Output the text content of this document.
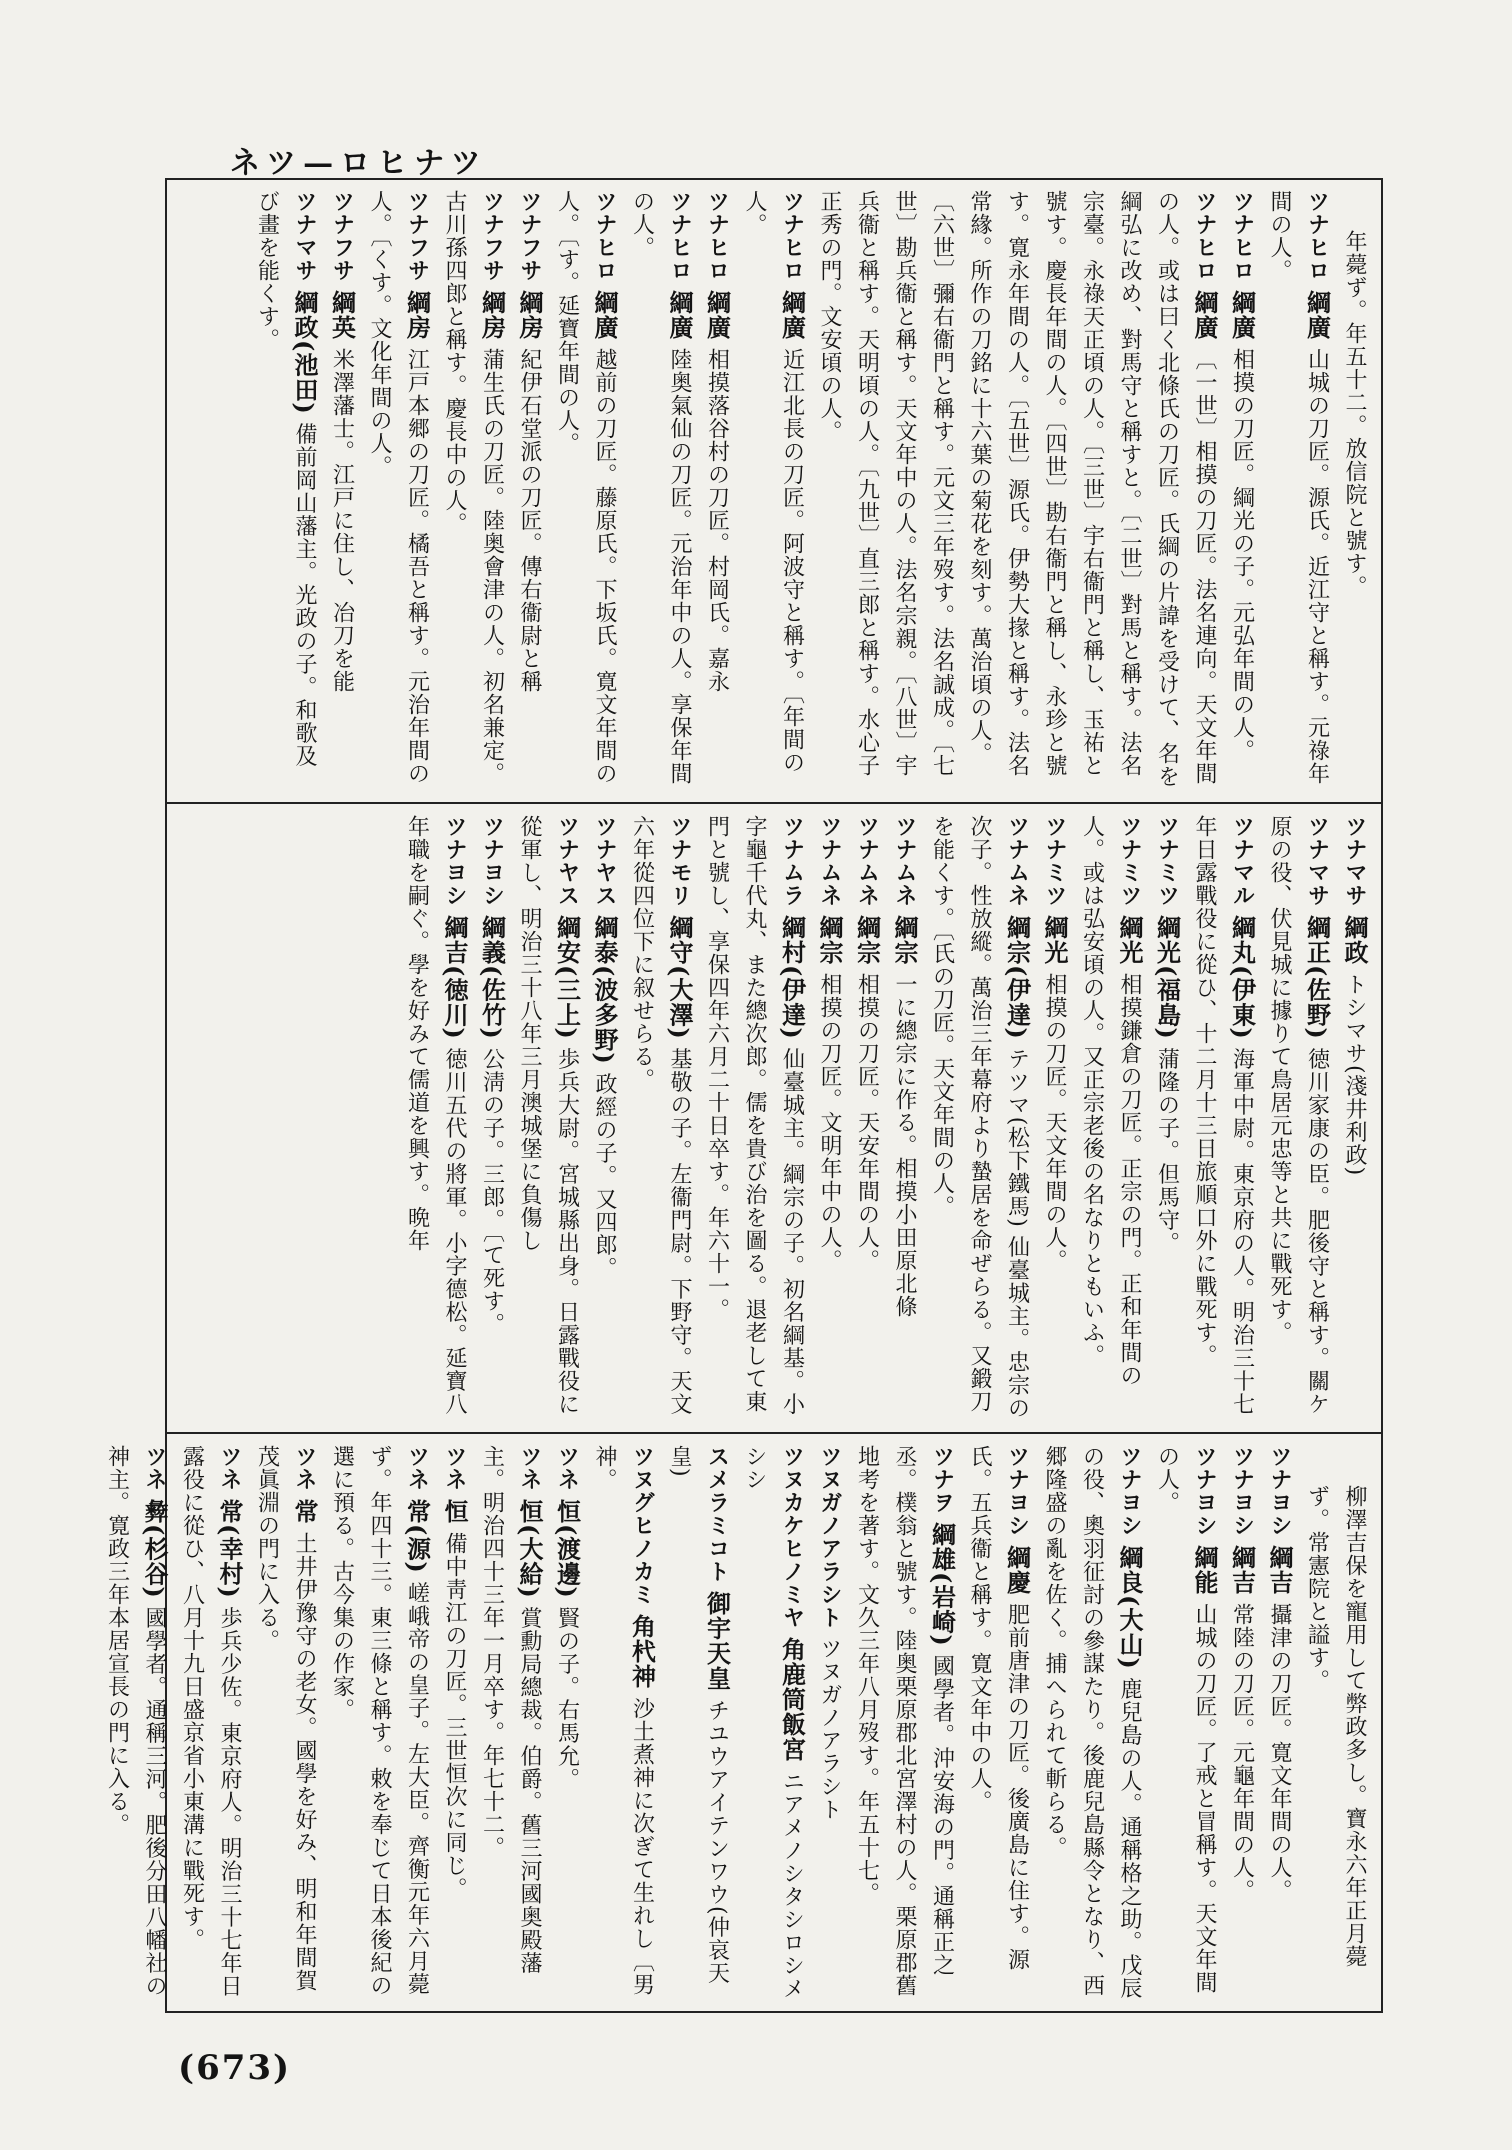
ネツ—ロヒナツ

年薨ず。年五十二。放信院と號す。

ツナヒロ 綱廣 山城の刀匠。源氏。近江守と稱す。元祿年間の人。

ツナヒロ 綱廣 相摸の刀匠。綱光の子。元弘年間の人。

ツナヒロ 綱廣 〔一世〕相摸の刀匠。法名連向。天文年間の人。或は曰く北條氏の刀匠。氏綱の片諱を受けて、名を綱弘に改め、對馬守と稱すと。〔二世〕對馬と稱す。法名宗臺。永祿天正頃の人。〔三世〕宇右衞門と稱し、玉祐と號す。慶長年間の人。〔四世〕勘右衞門と稱し、永珍と號す。寛永年間の人。〔五世〕源氏。伊勢大掾と稱す。法名常緣。所作の刀銘に十六葉の菊花を刻す。萬治頃の人。〔六世〕彌右衞門と稱す。元文三年歿す。法名誠成。〔七世〕勘兵衞と稱す。天文年中の人。法名宗親。〔八世〕宇兵衞と稱す。天明頃の人。〔九世〕直三郎と稱す。水心子正秀の門。文安頃の人。

ツナヒロ 綱廣 近江北長の刀匠。阿波守と稱す。〔年間の人。

ツナヒロ 綱廣 相摸落谷村の刀匠。村岡氏。嘉永

ツナヒロ 綱廣 陸奥氣仙の刀匠。元治年中の人。享保年間の人。

ツナヒロ 綱廣 越前の刀匠。藤原氏。下坂氏。寛文年間の人。〔す。延寶年間の人。

ツナフサ 綱房 紀伊石堂派の刀匠。傳右衞尉と稱

ツナフサ 綱房 蒲生氏の刀匠。陸奥會津の人。初名兼定。古川孫四郎と稱す。慶長中の人。

ツナフサ 綱房 江戸本郷の刀匠。橘吾と稱す。元治年間の人。〔くす。文化年間の人。

ツナフサ 綱英 米澤藩士。江戸に住し、冶刀を能

ツナマサ 綱政(池田) 備前岡山藩主。光政の子。和歌及び畫を能くす。

ツナマサ 綱政 トシマサ(淺井利政)

ツナマサ 綱正(佐野) 徳川家康の臣。肥後守と稱す。關ケ原の役、伏見城に據りて鳥居元忠等と共に戰死す。

ツナマル 綱丸(伊東) 海軍中尉。東京府の人。明治三十七年日露戰役に從ひ、十二月十三日旅順口外に戰死す。

ツナミツ 綱光(福島) 蒲隆の子。但馬守。

ツナミツ 綱光 相摸鎌倉の刀匠。正宗の門。正和年間の人。或は弘安頃の人。又正宗老後の名なりともいふ。

ツナミツ 綱光 相摸の刀匠。天文年間の人。

ツナムネ 綱宗(伊達) テツマ(松下鐵馬) 仙臺城主。忠宗の次子。性放縱。萬治三年幕府より蟄居を命ぜらる。又鍛刀を能くす。〔氏の刀匠。天文年間の人。

ツナムネ 綱宗 一に總宗に作る。相摸小田原北條

ツナムネ 綱宗 相摸の刀匠。天安年間の人。

ツナムネ 綱宗 相摸の刀匠。文明年中の人。

ツナムラ 綱村(伊達) 仙臺城主。綱宗の子。初名綱基。小字龜千代丸、また總次郎。儒を貴び治を圖る。退老して東門と號し、享保四年六月二十日卒す。年六十一。

ツナモリ 綱守(大澤) 基敬の子。左衞門尉。下野守。天文六年從四位下に叙せらる。

ツナヤス 綱泰(波多野) 政經の子。又四郎。

ツナヤス 綱安(三上) 歩兵大尉。宮城縣出身。日露戰役に從軍し、明治三十八年三月澳城堡に負傷し

ツナヨシ 綱義(佐竹) 公淸の子。三郎。〔て死す。

ツナヨシ 綱吉(徳川) 徳川五代の將軍。小字德松。延寶八年職を嗣ぐ。學を好みて儒道を興す。晩年

柳澤吉保を寵用して弊政多し。寶永六年正月薨ず。常憲院と謚す。

ツナヨシ 綱吉 攝津の刀匠。寛文年間の人。

ツナヨシ 綱吉 常陸の刀匠。元龜年間の人。

ツナヨシ 綱能 山城の刀匠。了戒と冒稱す。天文年間の人。

ツナヨシ 綱良(大山) 鹿兒島の人。通稱格之助。戊辰の役、奧羽征討の參謀たり。後鹿兒島縣令となり、西郷隆盛の亂を佐く。捕へられて斬らる。

ツナヨシ 綱慶 肥前唐津の刀匠。後廣島に住す。源氏。五兵衞と稱す。寛文年中の人。

ツナヲ 綱雄(岩崎) 國學者。沖安海の門。通稱正之丞。樸翁と號す。陸奥栗原郡北宮澤村の人。栗原郡舊地考を著す。文久三年八月歿す。年五十七。

ツヌガノアラシト ツヌガノアラシト

ツヌカケヒノミヤ 角鹿筒飯宮 ニアメノシタシロシメシシ

スメラミコト 御宇天皇 チユウアイテンワウ(仲哀天皇)

ツヌグヒノカミ 角杙神 沙土煮神に次ぎて生れし〔男神。

ツネ 恒(渡邊) 賢の子。右馬允。

ツネ 恒(大給) 賞勳局總裁。伯爵。舊三河國奥殿藩主。明治四十三年一月卒す。年七十二。

ツネ 恒 備中靑江の刀匠。三世恒次に同じ。

ツネ 常(源) 嵯峨帝の皇子。左大臣。齊衡元年六月薨ず。年四十三。東三條と稱す。敕を奉じて日本後紀の選に預る。古今集の作家。

ツネ 常 土井伊豫守の老女。國學を好み、明和年間賀茂眞淵の門に入る。

ツネ 常(幸村) 歩兵少佐。東京府人。明治三十七年日露役に從ひ、八月十九日盛京省小東溝に戰死す。

ツネ 彜(杉谷) 國學者。通稱三河。肥後分田八幡社の神主。寛政三年本居宣長の門に入る。

(673)
